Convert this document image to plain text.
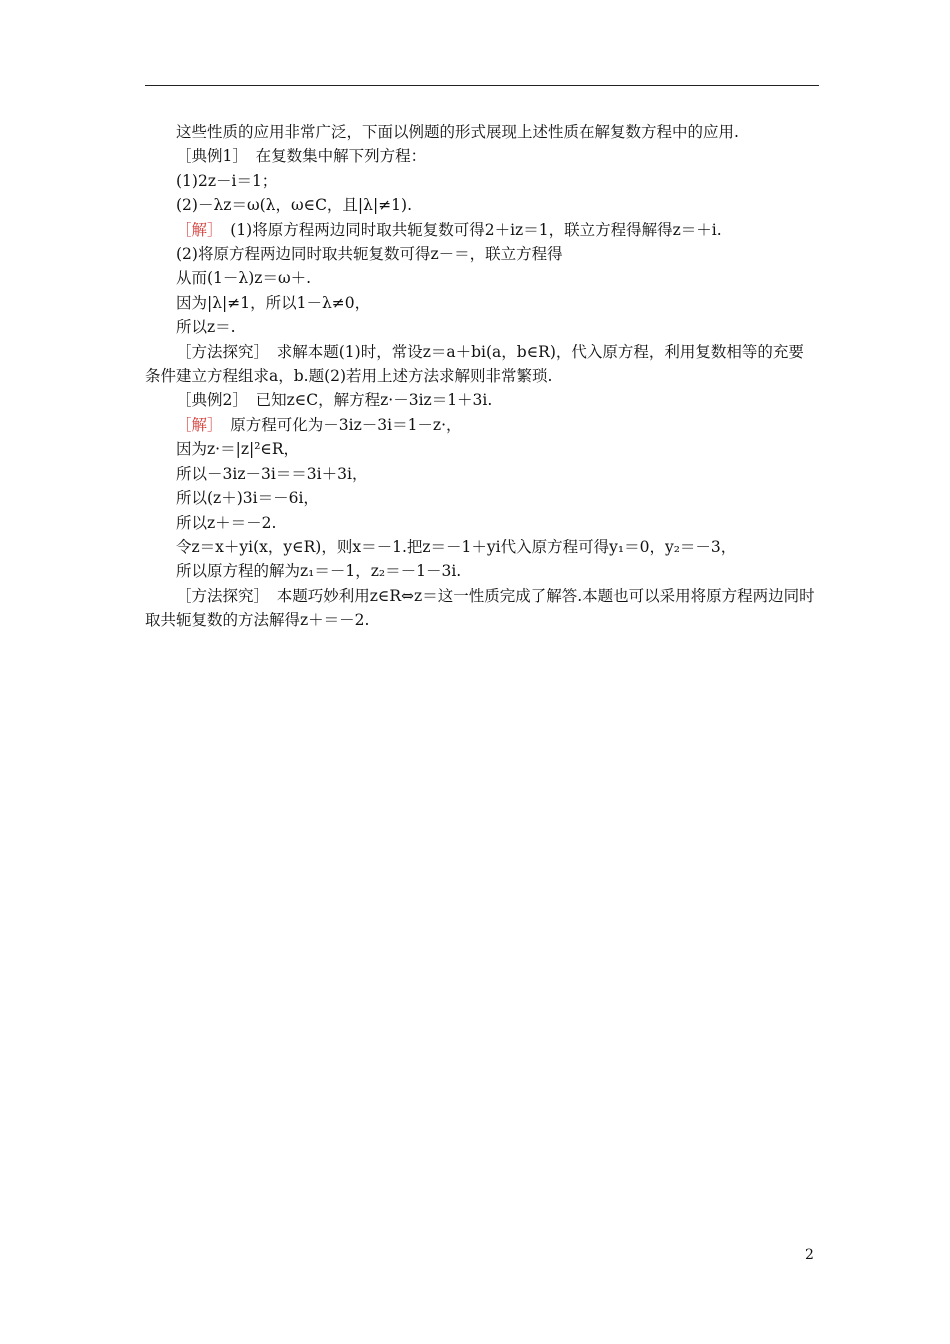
这些性质的应用非常广泛，下面以例题的形式展现上述性质在解复数方程中的应用.
［典例1］　在复数集中解下列方程：
(1)2z－i＝1；
(2)－λz＝ω(λ，ω∈C，且|λ|≠1).
［解］　(1)将原方程两边同时取共轭复数可得2＋iz＝1，联立方程得解得z＝＋i.
(2)将原方程两边同时取共轭复数可得z－＝，联立方程得
从而(1－λ)z＝ω＋.
因为|λ|≠1，所以1－λ≠0，
所以z＝.
［方法探究］　求解本题(1)时，常设z＝a＋bi(a，b∈R)，代入原方程，利用复数相等的充要条件建立方程组求a，b.题(2)若用上述方法求解则非常繁琐.
［典例2］　已知z∈C，解方程z·－3iz＝1＋3i.
［解］　原方程可化为－3iz－3i＝1－z·，
因为z·＝|z|²∈R，
所以－3iz－3i＝＝3i＋3i，
所以(z＋)3i＝－6i，
所以z＋＝－2.
令z＝x＋yi(x，y∈R)，则x＝－1.把z＝－1＋yi代入原方程可得y₁＝0，y₂＝－3，
所以原方程的解为z₁＝－1，z₂＝－1－3i.
［方法探究］　本题巧妙利用z∈R⇔z＝这一性质完成了解答.本题也可以采用将原方程两边同时取共轭复数的方法解得z＋＝－2.
2
